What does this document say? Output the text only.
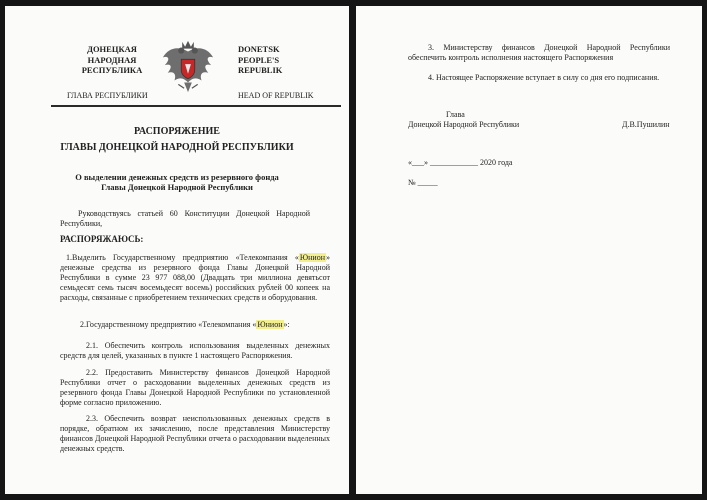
ДОНЕЦКАЯ
НАРОДНАЯ
РЕСПУБЛИКА
DONETSK
PEOPLE'S
REPUBLIK
ГЛАВА РЕСПУБЛИКИ	HEAD OF REPUBLIK
РАСПОРЯЖЕНИЕ
ГЛАВЫ ДОНЕЦКОЙ НАРОДНОЙ РЕСПУБЛИКИ
О выделении денежных средств из резервного фонда
Главы Донецкой Народной Республики
Руководствуясь статьей 60 Конституции Донецкой Народной Республики,
РАСПОРЯЖАЮСЬ:
1.Выделить Государственному предприятию «Телекомпания «Юнион» денежные средства из резервного фонда Главы Донецкой Народной Республики в сумме 23 977 088,00 (Двадцать три миллиона девятьсот семьдесят семь тысяч восемьдесят восемь) российских рублей 00 копеек на расходы, связанные с приобретением технических средств и оборудования.
2.Государственному предприятию «Телекомпания «Юнион»:
2.1. Обеспечить контроль использования выделенных денежных средств для целей, указанных в пункте 1 настоящего Распоряжения.
2.2. Предоставить Министерству финансов Донецкой Народной Республики отчет о расходовании выделенных денежных средств из резервного фонда Главы Донецкой Народной Республики по установленной форме согласно приложению.
2.3. Обеспечить возврат неиспользованных денежных средств в порядке, обратном их зачислению, после представления Министерству финансов Донецкой Народной Республики отчета о расходовании выделенных денежных средств.
3. Министерству финансов Донецкой Народной Республики обеспечить контроль исполнения настоящего Распоряжения
4. Настоящее Распоряжение вступает в силу со дня его подписания.
Глава
Донецкой Народной Республики	Д.В.Пушилин
«___» ____________ 2020 года
№ _____
